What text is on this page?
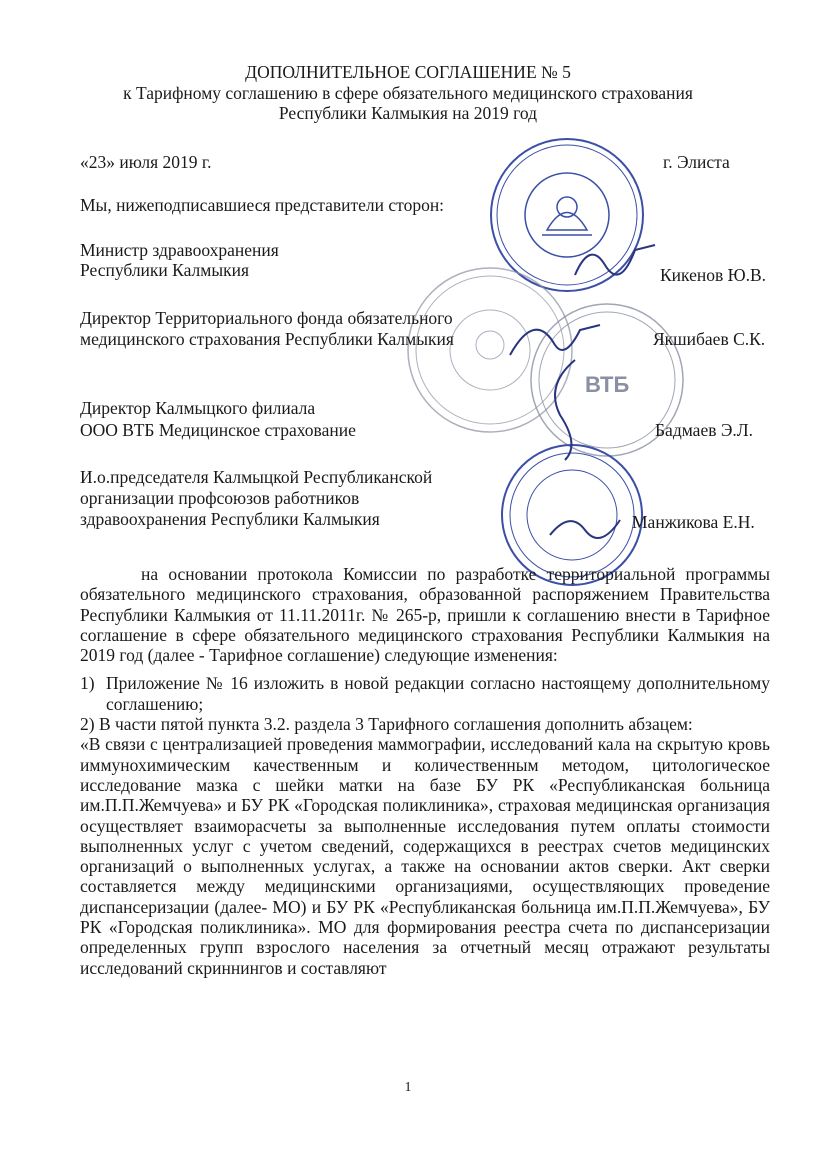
ВТБ
ДОПОЛНИТЕЛЬНОЕ СОГЛАШЕНИЕ № 5
к Тарифному соглашению в сфере обязательного медицинского страхования
Республики Калмыкия на 2019 год
«23» июля 2019 г.	г. Элиста
Мы, нижеподписавшиеся представители сторон:
Министр здравоохранения
Республики Калмыкия	Кикенов Ю.В.
Директор Территориального фонда обязательного
медицинского страхования Республики Калмыкия	Якшибаев С.К.
Директор Калмыцкого филиала
ООО ВТБ Медицинское страхование	Бадмаев Э.Л.
И.о.председателя Калмыцкой Республиканской
организации профсоюзов работников
здравоохранения Республики Калмыкия	Манжикова Е.Н.

на основании протокола Комиссии по разработке территориальной программы обязательного медицинского страхования, образованной распоряжением Правительства Республики Калмыкия от 11.11.2011г. № 265-р, пришли к соглашению внести в Тарифное соглашение в сфере обязательного медицинского страхования Республики Калмыкия на 2019 год (далее - Тарифное соглашение) следующие изменения:

1) Приложение № 16 изложить в новой редакции согласно настоящему дополнительному соглашению;

2) В части пятой пункта 3.2. раздела 3 Тарифного соглашения дополнить абзацем:

«В связи с централизацией проведения маммографии, исследований кала на скрытую кровь иммунохимическим качественным и количественным методом, цитологическое исследование мазка с шейки матки на базе БУ РК «Республиканская больница им.П.П.Жемчуева» и БУ РК «Городская поликлиника», страховая медицинская организация осуществляет взаиморасчеты за выполненные исследования путем оплаты стоимости выполненных услуг с учетом сведений, содержащихся в реестрах счетов медицинских организаций о выполненных услугах, а также на основании актов сверки. Акт сверки составляется между медицинскими организациями, осуществляющих проведение диспансеризации (далее- МО) и БУ РК «Республиканская больница им.П.П.Жемчуева», БУ РК «Городская поликлиника». МО для формирования реестра счета по диспансеризации определенных групп взрослого населения за отчетный месяц отражают результаты исследований скриннингов и составляют

1
